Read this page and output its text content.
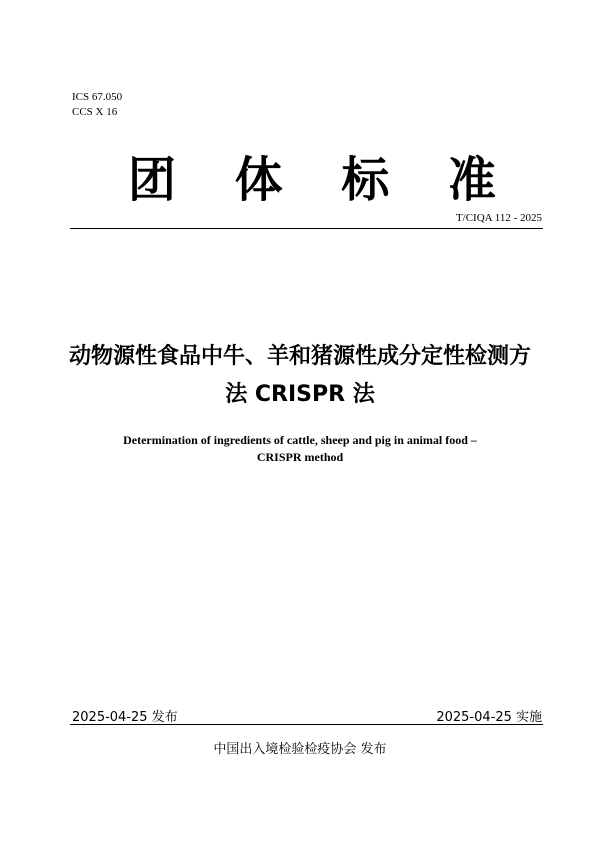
ICS 67.050
CCS X 16
团 体 标 准
T/CIQA 112 - 2025
动物源性食品中牛、羊和猪源性成分定性检测方
法 CRISPR 法
Determination of ingredients of cattle, sheep and pig in animal food –
CRISPR method
2025-04-25 发布	2025-04-25 实施
中国出入境检验检疫协会 发布
